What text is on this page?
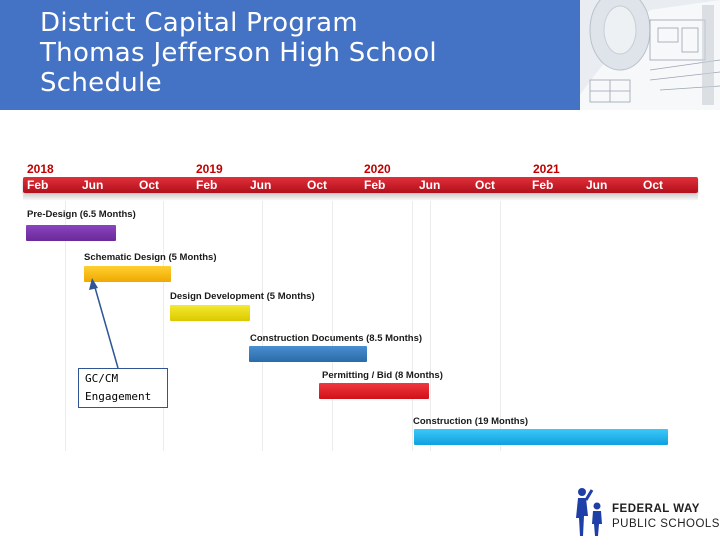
District Capital Program
Thomas Jefferson High School
Schedule
2018	2019	2020	2021
Feb	Jun	Oct	Feb	Jun	Oct	Feb	Jun	Oct	Feb	Jun	Oct
Pre-Design (6.5 Months)
Schematic Design (5 Months)
Design Development (5 Months)
Construction Documents (8.5 Months)
Permitting / Bid (8 Months)
Construction (19 Months)
GC/CM
Engagement
FEDERAL WAY
PUBLIC SCHOOLS
